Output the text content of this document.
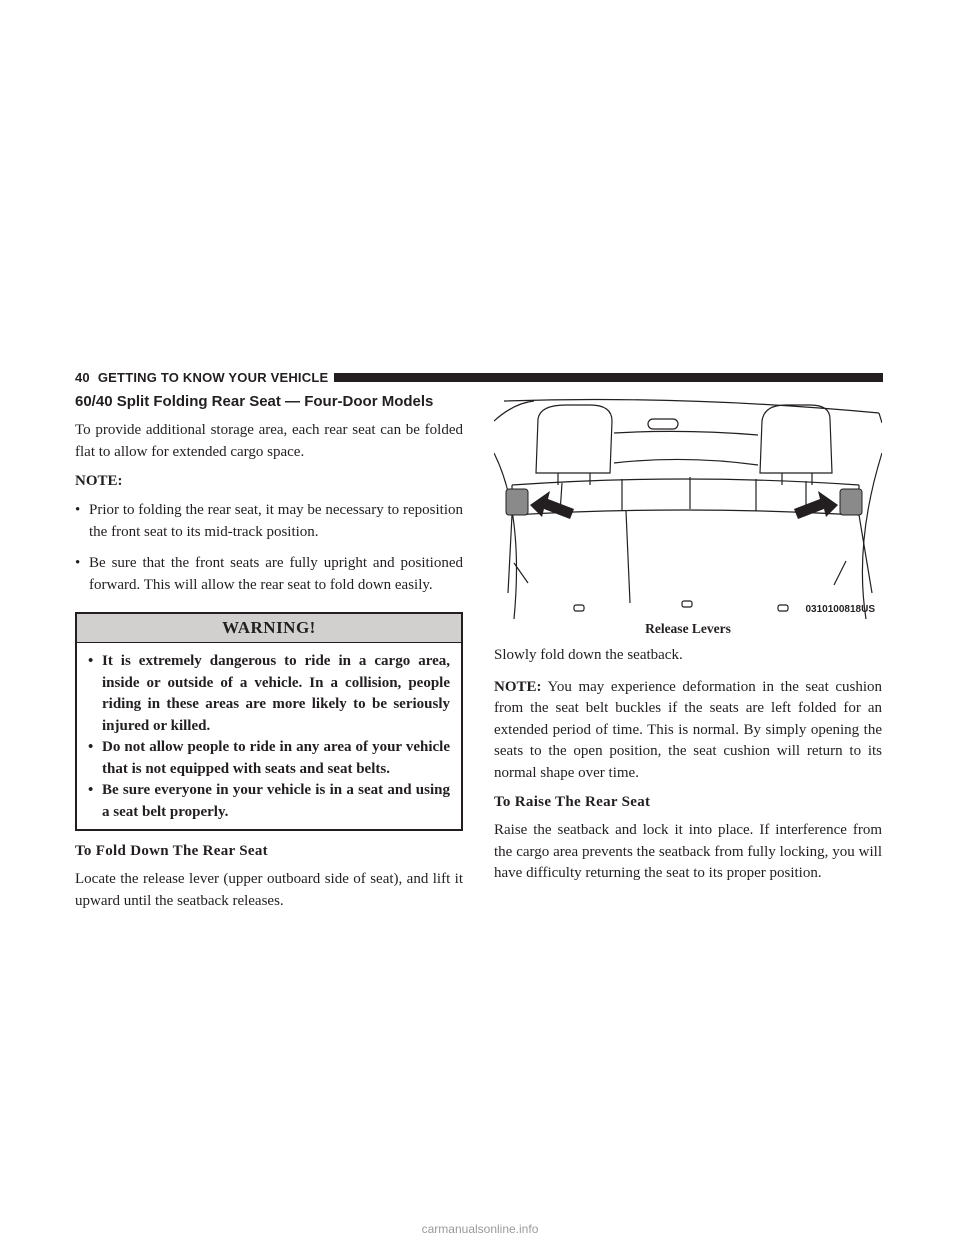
40 GETTING TO KNOW YOUR VEHICLE
60/40 Split Folding Rear Seat — Four-Door Models

To provide additional storage area, each rear seat can be folded flat to allow for extended cargo space.

NOTE:
• Prior to folding the rear seat, it may be necessary to reposition the front seat to its mid-track position.
• Be sure that the front seats are fully upright and positioned forward. This will allow the rear seat to fold down easily.
WARNING!
• It is extremely dangerous to ride in a cargo area, inside or outside of a vehicle. In a collision, people riding in these areas are more likely to be seriously injured or killed.
• Do not allow people to ride in any area of your vehicle that is not equipped with seats and seat belts.
• Be sure everyone in your vehicle is in a seat and using a seat belt properly.
To Fold Down The Rear Seat

Locate the release lever (upper outboard side of seat), and lift it upward until the seatback releases.

0310100818US
Release Levers

Slowly fold down the seatback.

NOTE: You may experience deformation in the seat cushion from the seat belt buckles if the seats are left folded for an extended period of time. This is normal. By simply opening the seats to the open position, the seat cushion will return to its normal shape over time.

To Raise The Rear Seat

Raise the seatback and lock it into place. If interference from the cargo area prevents the seatback from fully locking, you will have difficulty returning the seat to its proper position.

carmanualsonline.info
